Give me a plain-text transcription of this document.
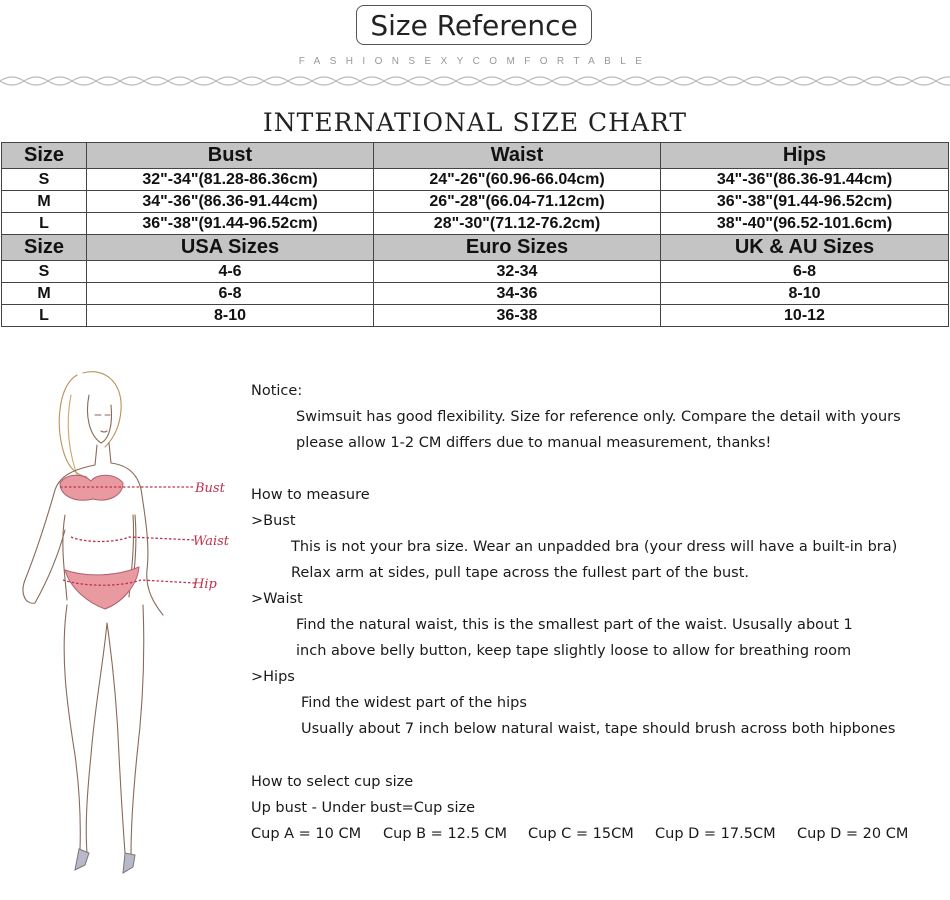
Size Reference
FASHIONSEXYCOMFORTABLE
INTERNATIONAL SIZE CHART
Size	Bust	Waist	Hips
S	32"-34"(81.28-86.36cm)	24"-26"(60.96-66.04cm)	34"-36"(86.36-91.44cm)
M	34"-36"(86.36-91.44cm)	26"-28"(66.04-71.12cm)	36"-38"(91.44-96.52cm)
L	36"-38"(91.44-96.52cm)	28"-30"(71.12-76.2cm)	38"-40"(96.52-101.6cm)
Size	USA Sizes	Euro Sizes	UK & AU Sizes
S	4-6	32-34	6-8
M	6-8	34-36	8-10
L	8-10	36-38	10-12
Bust
Waist
Hip
Notice:
Swimsuit has good flexibility. Size for reference only. Compare the detail with yours
please allow 1-2 CM differs due to manual measurement, thanks!
How to measure
>Bust
This is not your bra size. Wear an unpadded bra (your dress will have a built-in bra)
Relax arm at sides, pull tape across the fullest part of the bust.
>Waist
Find the natural waist, this is the smallest part of the waist. Ususally about 1
inch above belly button, keep tape slightly loose to allow for breathing room
>Hips
Find the widest part of the hips
Usually about 7 inch below natural waist, tape should brush across both hipbones
How to select cup size
Up bust - Under bust=Cup size
Cup A = 10 CM Cup B = 12.5 CM Cup C = 15CM Cup D = 17.5CM Cup D = 20 CM
